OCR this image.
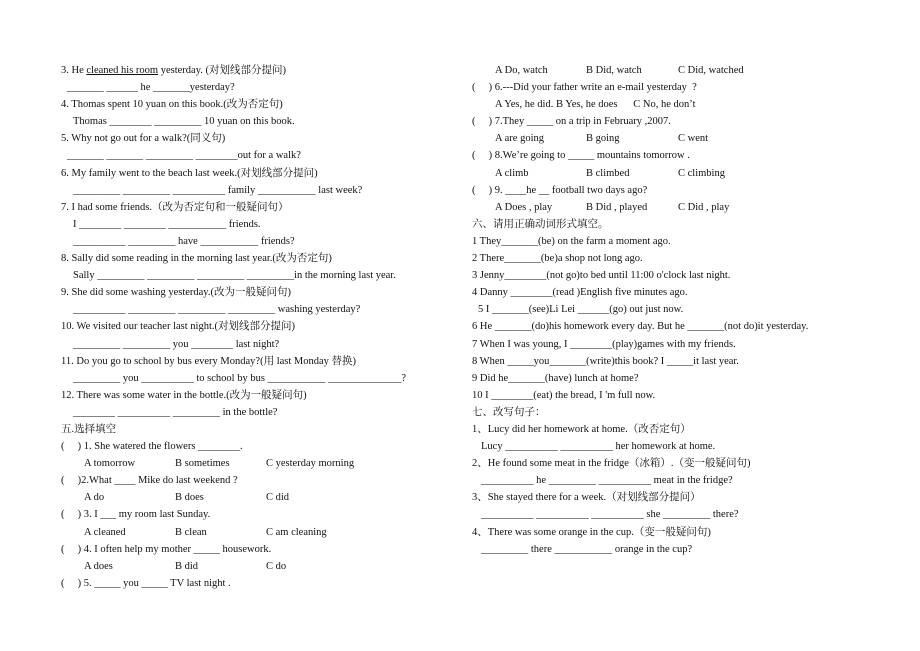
3. He cleaned his room yesterday. (对划线部分提问)
_______ ______ he _______yesterday?
4. Thomas spent 10 yuan on this book.(改为否定句)
Thomas ________ _________ 10 yuan on this book.
5. Why not go out for a walk?(同义句)
_______ _______ _________ ________out for a walk?
6. My family went to the beach last week.(对划线部分提问)
_________ _________ __________ family ___________ last week?
7. I had some friends.（改为否定句和一般疑问句）
I ________ ________ ___________ friends.
__________ _________ have ___________ friends?
8. Sally did some reading in the morning last year.(改为否定句)
Sally _________ _________ _________ _________in the morning last year.
9. She did some washing yesterday.(改为一般疑问句)
__________ _________ _________ _________ washing yesterday?
10. We visited our teacher last night.(对划线部分提问)
_________ _________ you ________ last night?
11. Do you go to school by bus every Monday?(用 last Monday 替换)
_________ you __________ to school by bus ___________ ______________?
12. There was some water in the bottle.(改为一般疑问句)
________ __________ _________ in the bottle?
五.选择填空
(     ) 1. She watered the flowers ________.
A tomorrow	B sometimes	C yesterday morning
(     )2.What ____ Mike do last weekend ?
A do	B does	C did
(     ) 3. I ___ my room last Sunday.
A cleaned	B clean	C am cleaning
(     ) 4. I often help my mother _____ housework.
A does	B did	C do
(     ) 5. _____ you _____ TV last night .
A Do, watch	B Did, watch	C Did, watched
(     ) 6.---Did your father write an e-mail yesterday  ?
A Yes, he did. B Yes, he does      C No, he don’t
(     ) 7.They _____ on a trip in February ,2007.
A are going	B going	C went
(     ) 8.We’re going to _____ mountains tomorrow .
A climb	B climbed	C climbing
(     ) 9. ____he __ football two days ago?
A Does , play	B Did , played	C Did , play
六、请用正确动词形式填空。
1 They_______(be) on the farm a moment ago.
2 There_______(be)a shop not long ago.
3 Jenny________(not go)to bed until 11:00 o'clock last night.
4 Danny ________(read )English five minutes ago.
5 I _______(see)Li Lei ______(go) out just now.
6 He _______(do)his homework every day. But he _______(not do)it yesterday.
7 When I was young, I ________(play)games with my friends.
8 When _____you_______(write)this book? I _____it last year.
9 Did he_______(have) lunch at home?
10 I ________(eat) the bread, I 'm full now.
七、改写句子：
1、Lucy did her homework at home.（改否定句）
Lucy __________ __________ her homework at home.
2、He found some meat in the fridge（冰箱）.（变一般疑问句)
__________ he _________ __________ meat in the fridge?
3、She stayed there for a week.（对划线部分提问）
__________ __________ __________ she _________ there?
4、There was some orange in the cup.（变一般疑问句)
_________ there ___________ orange in the cup?
